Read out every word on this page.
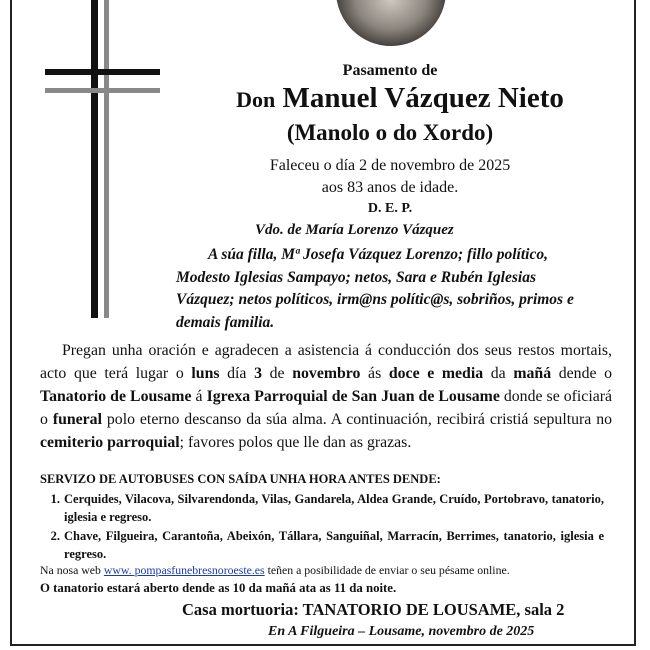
Pasamento de
Don Manuel Vázquez Nieto
(Manolo o do Xordo)
Faleceu o día 2 de novembro de 2025
aos 83 anos de idade.
D. E. P.
Vdo. de María Lorenzo Vázquez
A súa filla, Mª Josefa Vázquez Lorenzo; fillo político, Modesto Iglesias Sampayo; netos, Sara e Rubén Iglesias Vázquez; netos políticos, irm@ns polític@s, sobriños, primos e demais familia.
Pregan unha oración e agradecen a asistencia á conducción dos seus restos mortais, acto que terá lugar o luns día 3 de novembro ás doce e media da mañá dende o Tanatorio de Lousame á Igrexa Parroquial de San Juan de Lousame donde se oficiará o funeral polo eterno descanso da súa alma. A continuación, recibirá cristiá sepultura no cemiterio parroquial; favores polos que lle dan as grazas.
SERVIZO DE AUTOBUSES CON SAÍDA UNHA HORA ANTES DENDE:
1. Cerquides, Vilacova, Silvarendonda, Vilas, Gandarela, Aldea Grande, Cruído, Portobravo, tanatorio, iglesia e regreso.
2. Chave, Filgueira, Carantoña, Abeixón, Tállara, Sanguiñal, Marracín, Berrimes, tanatorio, iglesia e regreso.
Na nosa web www. pompasfunebresnoroeste.es teñen a posibilidade de enviar o seu pésame online.
O tanatorio estará aberto dende as 10 da mañá ata as 11 da noite.
Casa mortuoria: TANATORIO DE LOUSAME, sala 2
En A Filgueira – Lousame, novembro de 2025
